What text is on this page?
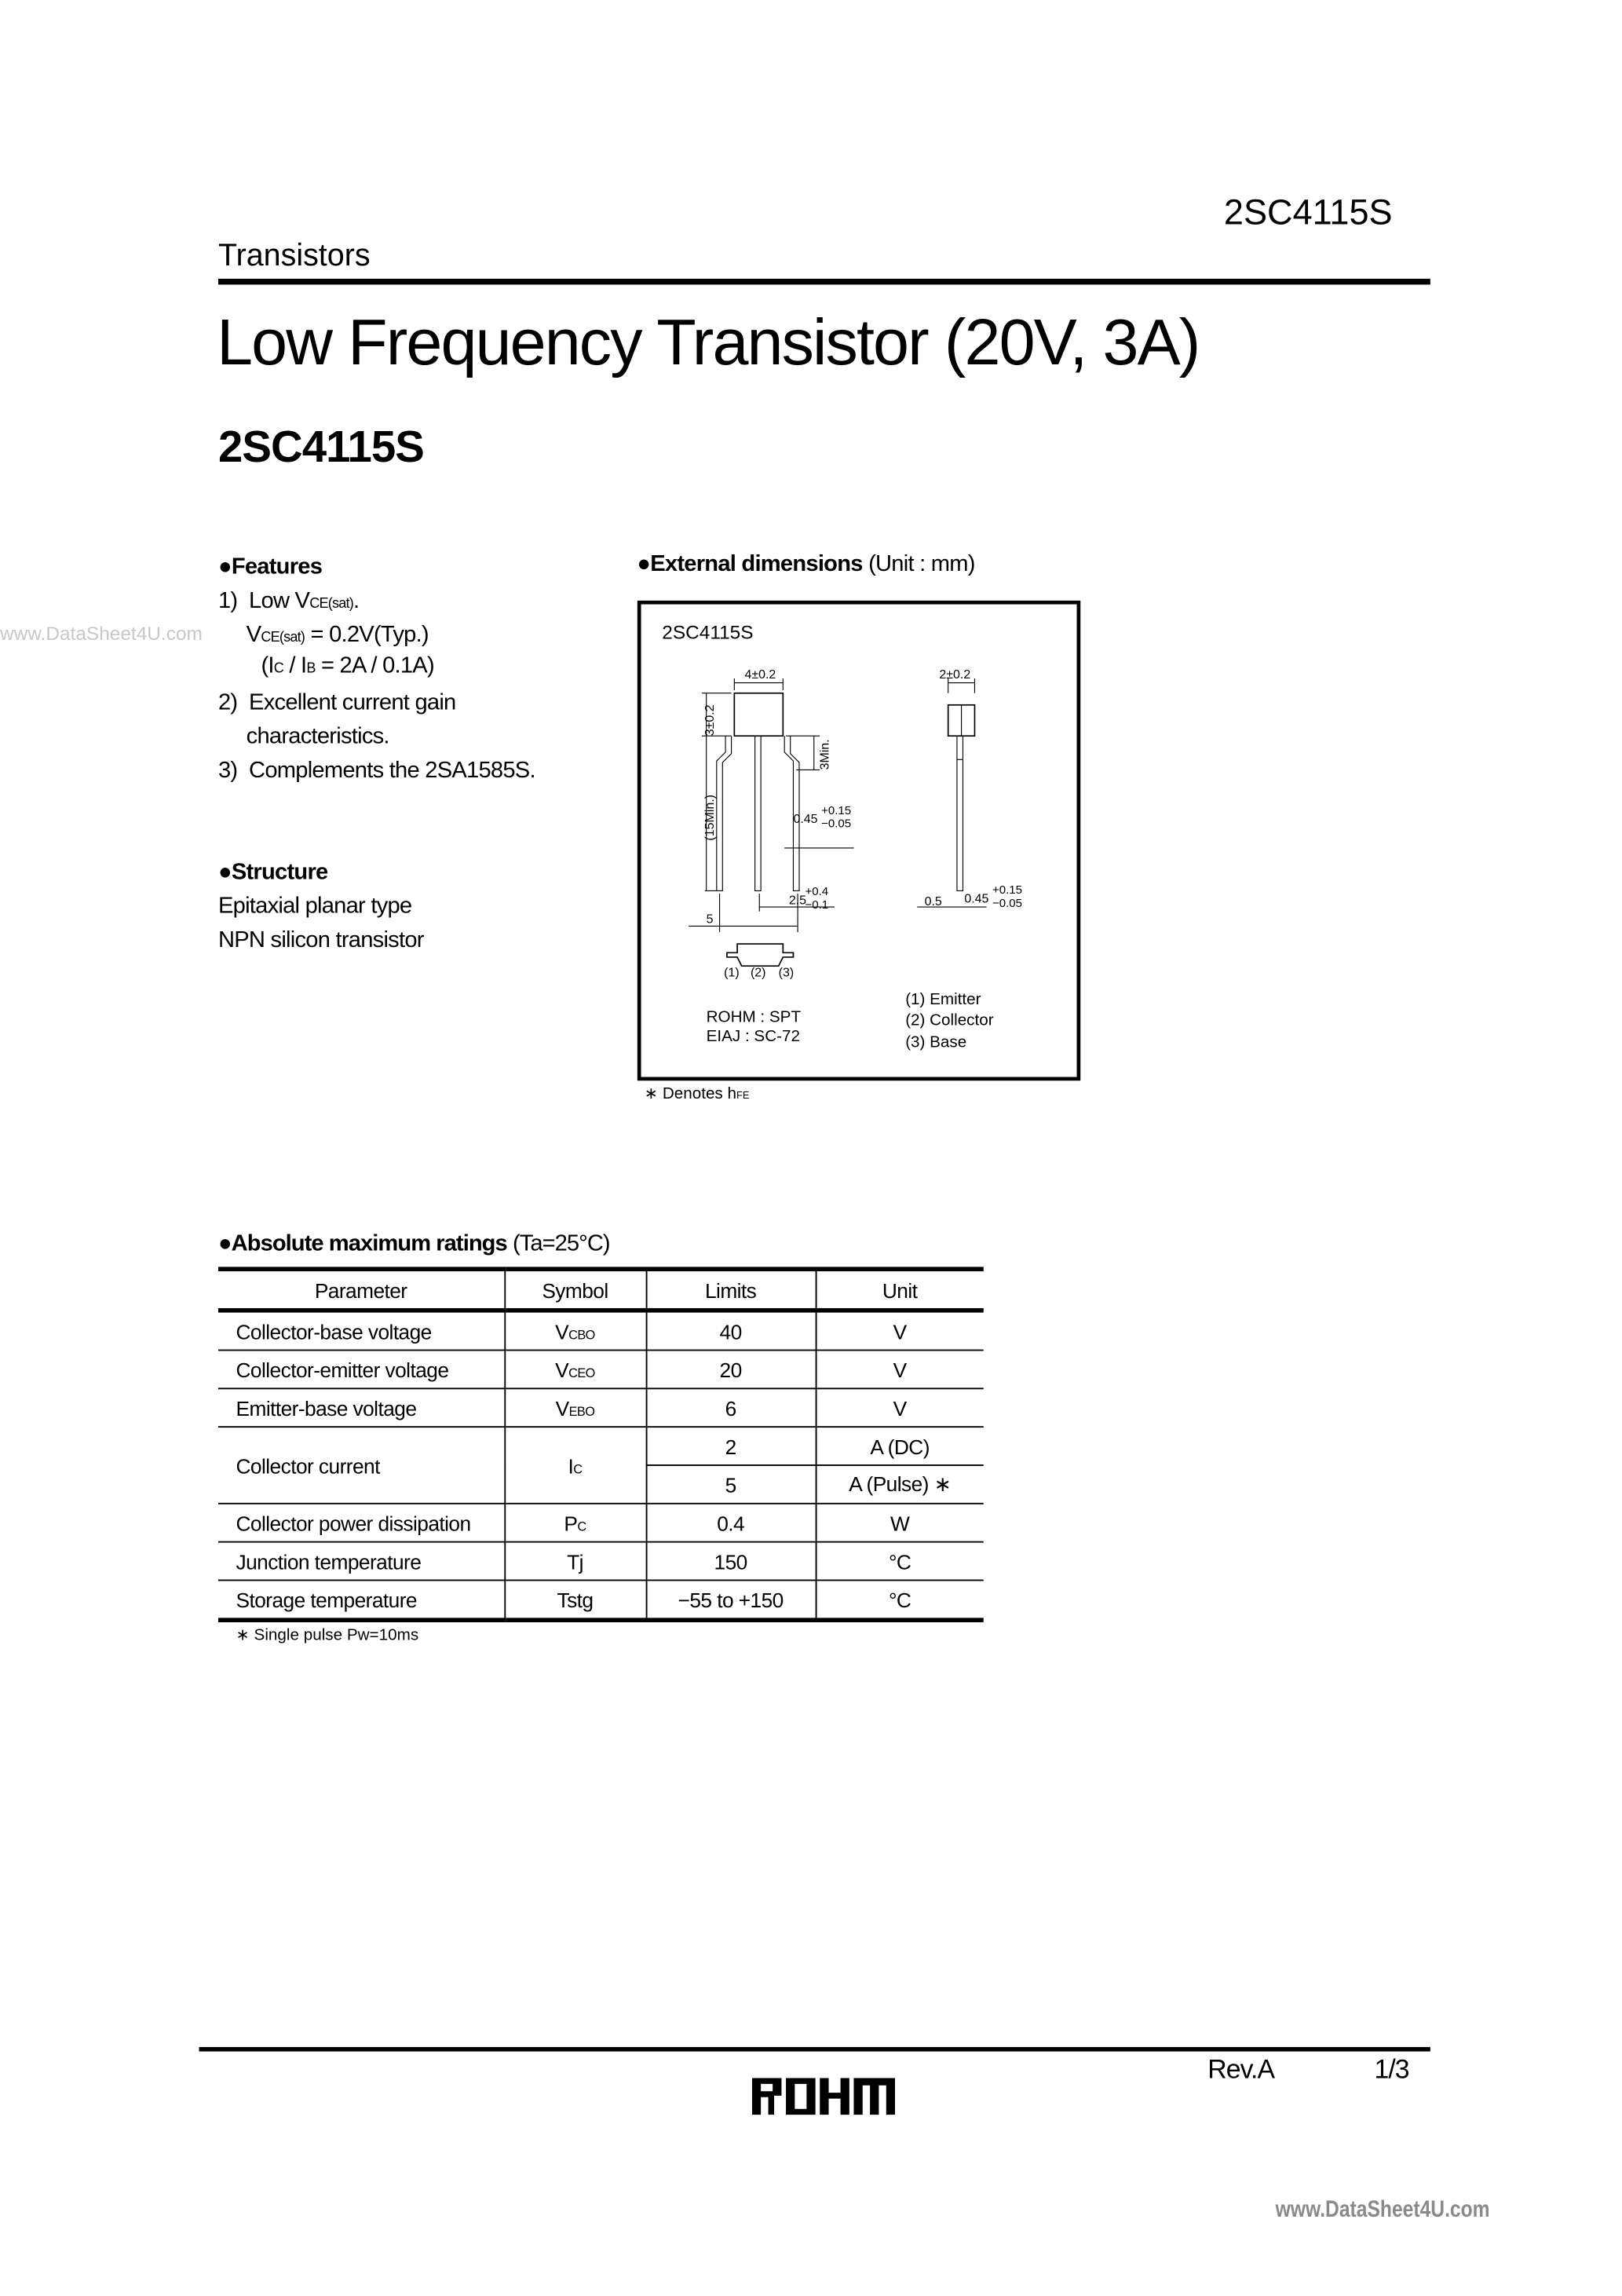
2SC4115S
Transistors
Low Frequency Transistor (20V, 3A)
2SC4115S
www.DataSheet4U.com
●Features
1) Low VCE(sat).
VCE(sat) = 0.2V(Typ.)
(IC / IB = 2A / 0.1A)
2) Excellent current gain
characteristics.
3) Complements the 2SA1585S.
●Structure
Epitaxial planar type
NPN silicon transistor
●External dimensions (Unit : mm)
2SC4115S
4±0.2
3±0.2
(15Min.)
3Min.
0.45
+0.15
−0.05
2.5
+0.4
−0.1
5
2±0.2
0.5	0.45
+0.15
−0.05
(1) (2) (3)
ROHM : SPT
EIAJ : SC-72
(1) Emitter
(2) Collector
(3) Base
∗ Denotes hFE
●Absolute maximum ratings (Ta=25°C)
Parameter	Symbol	Limits	Unit
Collector-base voltage	VCBO	40	V
Collector-emitter voltage	VCEO	20	V
Emitter-base voltage	VEBO	6	V
Collector current	IC	2	A (DC)
		5	A (Pulse) ∗
Collector power dissipation	PC	0.4	W
Junction temperature	Tj	150	°C
Storage temperature	Tstg	−55 to +150	°C
∗ Single pulse Pw=10ms
Rev.A	1/3
www.DataSheet4U.com
